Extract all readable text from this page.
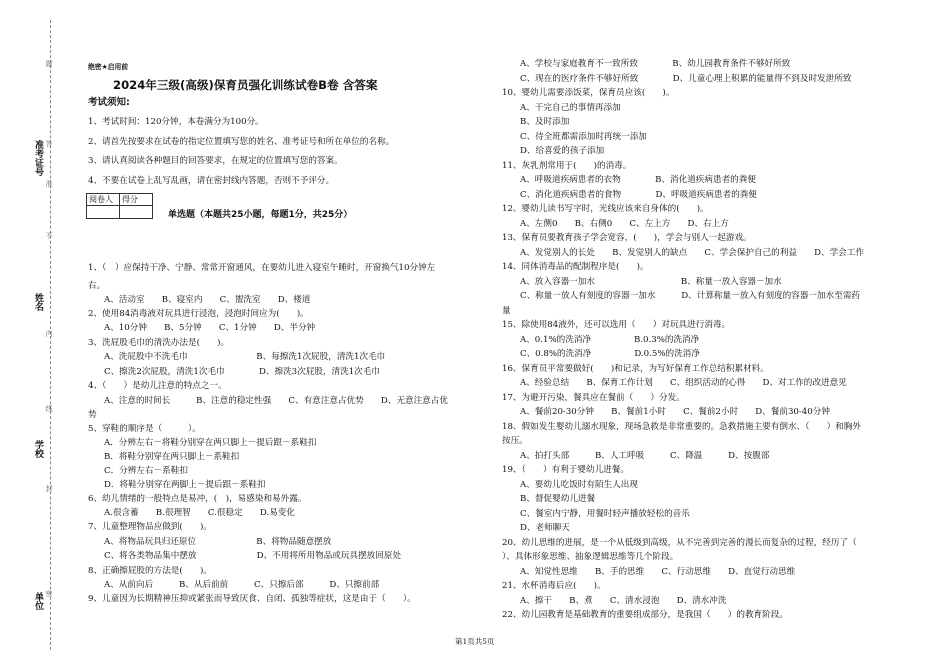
准考证号
姓名
学校
单位 密
封
线
内
不
准
答
题	绝密★启用前
2024年三级(高级)保育员强化训练试卷B卷 含答案
考试须知:
1、考试时间：120分钟，本卷满分为100分。
2、请首先按要求在试卷的指定位置填写您的姓名、准考证号和所在单位的名称。
3、请认真阅读各种题目的回答要求，在规定的位置填写您的答案。
4、不要在试卷上乱写乱画，请在密封线内答题，否则不予评分。
阅卷人	得分

单选题（本题共25小题，每题1分，共25分）
1、（　）应保持干净、宁静、常常开窗通风，在要幼儿进入寝室午睡时，开窗换气10分钟左
右。
A、活动室　　B、寝室内　　C、盥洗室　　D、楼道
2、使用84消毒液对玩具进行浸泡，浸泡时间应为(　　)。
A、10分钟　　B、5分钟　　C、1分钟　　D、半分钟
3、洗屁股毛巾的清洗办法是(　　)。
A、洗屁股中不洗毛巾　　　　　　　　B、每擦洗1次屁股，清洗1次毛巾
C、擦洗2次屁股，清洗1次毛巾　　　　D、擦洗3次屁股，清洗1次毛巾
4、（　　）是幼儿注意的特点之一。
A、注意的时间长　　　B、注意的稳定性强　　C、有意注意占优势　　D、无意注意占优
势
5、穿鞋的顺序是（　　　）。
A．分辨左右－将鞋分别穿在两只脚上－提后跟－系鞋扣
B．将鞋分别穿在两只脚上－系鞋扣
C．分辨左右－系鞋扣
D．将鞋分别穿在两脚上－提后跟－系鞋扣
6、幼儿情绪的一般特点是易冲，(　)，易感染和易外露。
A.很含蓄　　B.很理智　　C.很稳定　　D.易变化
7、儿童整理物品应做到(　　)。
A、将物品玩具归还原位　　　　　　　B、将物品随意摆放
C、将各类物品集中摆放　　　　　　　D、不用将所用物品或玩具摆放回原处
8、正确擦屁股的方法是(　　)。
A、从前向后　　　B、从后前前　　　C、只擦后部　　　D、只擦前部
9、儿童因为长期精神压抑或紧张而导致厌食、自闭、孤独等症状，这是由于（　　）。
A、学校与家庭教育不一致所致　　　　B、幼儿园教育条件不够好所致
C、现在的医疗条件不够好所致　　　　D、儿童心理上积累的能量得不到及时发泄所致
10、婴幼儿需要添饭菜，保育员应该(　　)。
A、干完自己的事情再添加
B、及时添加
C、待全班都需添加时再统一添加
D、给喜爱的孩子添加
11、灰乳剂常用于(　　)的消毒。
A、呼吸道疾病患者的衣物　　　　B、消化道疾病患者的粪便
C、消化道疾病患者的食物　　　　D、呼吸道疾病患者的粪便
12、婴幼儿读书写字时，光线应该来自身体的(　　)。
A、左侧0　　B、右侧0　　C、左上方　　D、右上方
13、保育员要教育孩子学会宽容，(　　)，学会与别人一起游戏。
A、发觉别人的长处　　B、发觉别人的缺点　　C、学会保护自己的利益　　D、学会工作
14、同体消毒品的配制程序是(　　)。
A、放入容器一加水　　　　　　　　　　B、称量一放入容器－加水
C、称量一放人有刻度的容器一加水　　　D、计算称量一放入有刻度的容器一加水至需药
量
15、除使用84液外，还可以选用（　　）对玩具进行消毒。
A、0.1%的洗消净　　　　　B.0.3%的洗消净
C、0.8%的洗消净　　　　　D.0.5%的洗消净
16、保育员平常要做好(　　)和记录，为写好保育工作总结积累材料。
A、经验总结　　B、保育工作计划　　C、组织活动的心得　　D、对工作的改进意见
17、为避开污染，餐具应在餐前（　　）分发。
A、餐前20-30分钟　　B、餐前1小时　　C、餐前2小时　　D、餐前30-40分钟
18、假如发生婴幼儿溺水现象，现场急救是非常重要的。急救措施主要有倒水、（　　）和胸外
按压。
A、拍打头部　　　B、人工呼吸　　　C、降温　　　D、按腹部
19、（　　）有利于婴幼儿进餐。
A、要幼儿吃饭时有陌生人出现
B、督促婴幼儿进餐
C、餐室内宁静，用餐时轻声播放轻松的音乐
D、老师聊天
20、幼儿思维的进展，是一个从低级到高级，从不完善到完善的漫长而复杂的过程，经历了（
）、具体形象思维、抽象逻辑思维等几个阶段。
A、知觉性思维　　B、手的思维　　C、行动思维　　D、直觉行动思维
21、水杯消毒后应(　　)。
A、擦干　　B、煮　　C、清水浸泡　　D、清水冲洗
22、幼儿园教育是基础教育的重要组成部分，是我国（　　）的教育阶段。
第1页共5页
